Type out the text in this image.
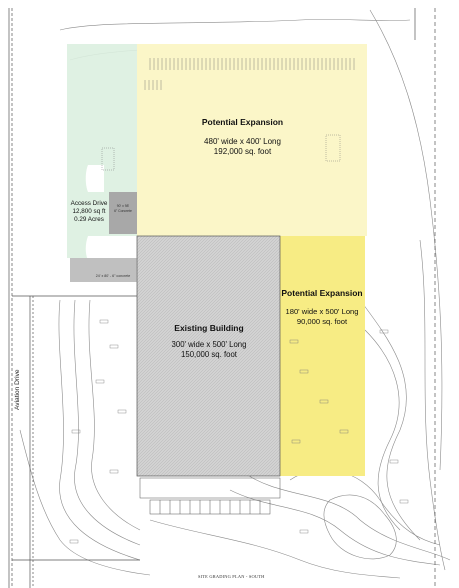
Potential Expansion
480' wide x 400' Long
192,000 sq. foot
Potential Expansion
180' wide x 500' Long
90,000 sq. foot
Existing Building
300' wide x 500' Long
150,000 sq. foot
Access Drive
12,800 sq ft
0.29 Acres
90' x 98'
6" Concrete
24' x 80' - 6" concrete
Aviation Drive
SITE GRADING PLAN - SOUTH
